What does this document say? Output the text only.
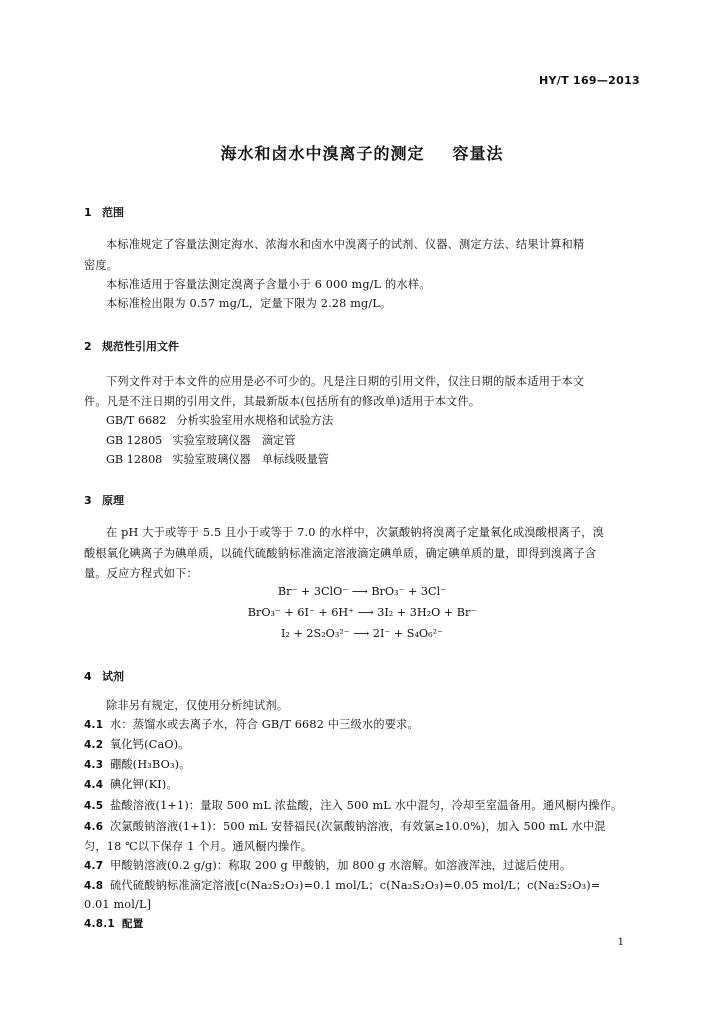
HY/T 169—2013
海水和卤水中溴离子的测定 容量法
1 范围
本标准规定了容量法测定海水、浓海水和卤水中溴离子的试剂、仪器、测定方法、结果计算和精
密度。
本标准适用于容量法测定溴离子含量小于 6 000 mg/L 的水样。
本标准检出限为 0.57 mg/L，定量下限为 2.28 mg/L。
2 规范性引用文件
下列文件对于本文件的应用是必不可少的。凡是注日期的引用文件，仅注日期的版本适用于本文
件。凡是不注日期的引用文件，其最新版本(包括所有的修改单)适用于本文件。
GB/T 6682 分析实验室用水规格和试验方法
GB 12805 实验室玻璃仪器　滴定管
GB 12808 实验室玻璃仪器　单标线吸量管
3 原理
在 pH 大于或等于 5.5 且小于或等于 7.0 的水样中，次氯酸钠将溴离子定量氧化成溴酸根离子，溴
酸根氧化碘离子为碘单质，以硫代硫酸钠标准滴定溶液滴定碘单质，确定碘单质的量，即得到溴离子含
量。反应方程式如下：
Br⁻ + 3ClO⁻ ⟶ BrO₃⁻ + 3Cl⁻
BrO₃⁻ + 6I⁻ + 6H⁺ ⟶ 3I₂ + 3H₂O + Br⁻
I₂ + 2S₂O₃²⁻ ⟶ 2I⁻ + S₄O₆²⁻
4 试剂
除非另有规定，仅使用分析纯试剂。
4.1 水：蒸馏水或去离子水，符合 GB/T 6682 中三级水的要求。
4.2 氧化钙(CaO)。
4.3 硼酸(H₃BO₃)。
4.4 碘化钾(KI)。
4.5 盐酸溶液(1+1)：量取 500 mL 浓盐酸，注入 500 mL 水中混匀，冷却至室温备用。通风橱内操作。
4.6 次氯酸钠溶液(1+1)：500 mL 安替福民(次氯酸钠溶液，有效氯≥10.0%)，加入 500 mL 水中混
匀，18 ℃以下保存 1 个月。通风橱内操作。
4.7 甲酸钠溶液(0.2 g/g)：称取 200 g 甲酸钠，加 800 g 水溶解。如溶液浑浊，过滤后使用。
4.8 硫代硫酸钠标准滴定溶液[c(Na₂S₂O₃)=0.1 mol/L；c(Na₂S₂O₃)=0.05 mol/L；c(Na₂S₂O₃)=
0.01 mol/L]
4.8.1 配置
1
